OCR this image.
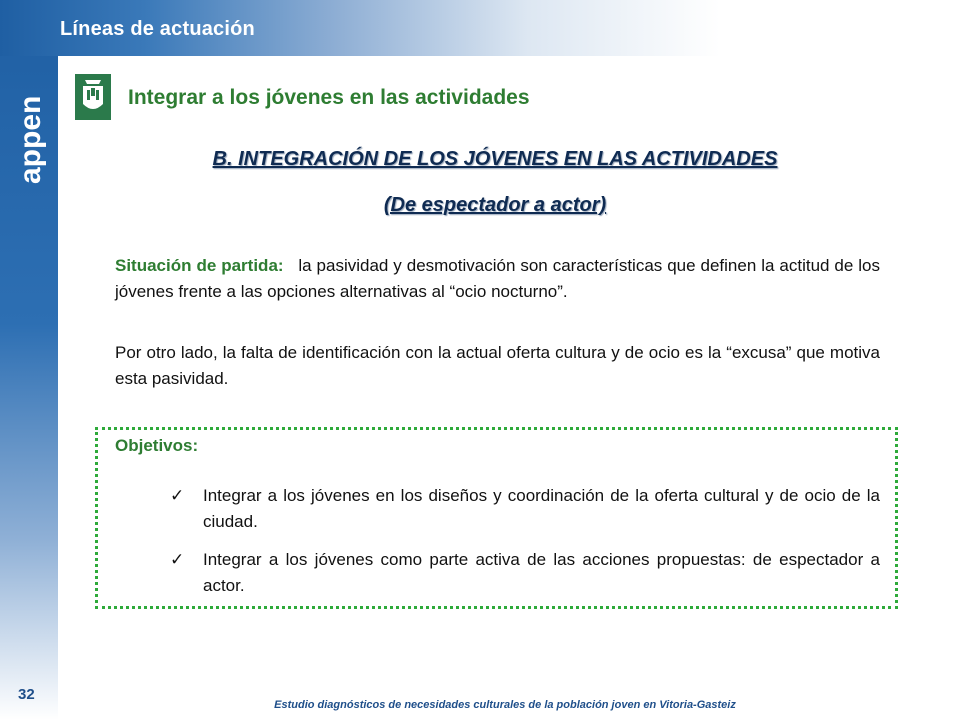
Líneas de actuación
appen	Integrar a los jóvenes en las actividades
B. INTEGRACIÓN DE LOS JÓVENES EN LAS ACTIVIDADES
(De espectador a actor)
Situación de partida: la pasividad y desmotivación son características que definen la actitud de los jóvenes frente a las opciones alternativas al “ocio nocturno”.
Por otro lado, la falta de identificación con la actual oferta cultura y de ocio es la “excusa” que motiva esta pasividad.
Objetivos:
✓ Integrar a los jóvenes en los diseños y coordinación de la oferta cultural y de ocio de la ciudad.
✓ Integrar a los jóvenes como parte activa de las acciones propuestas: de espectador a actor.
32
Estudio diagnósticos de necesidades culturales de la población joven en Vitoria-Gasteiz
